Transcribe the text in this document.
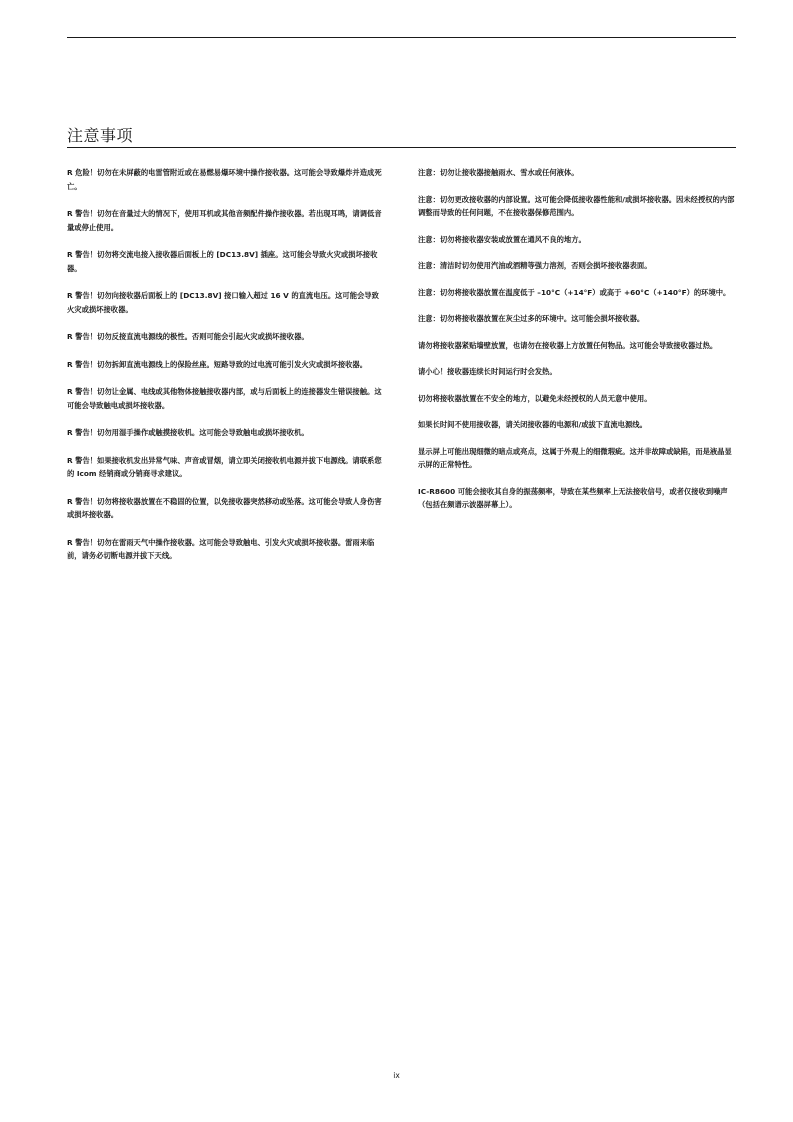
注意事项

R 危险！切勿在未屏蔽的电雷管附近或在易燃易爆环境中操作接收器。这可能会导致爆炸并造成死亡。

R 警告！切勿在音量过大的情况下，使用耳机或其他音频配件操作接收器。若出现耳鸣，请调低音量或停止使用。

R 警告！切勿将交流电接入接收器后面板上的 [DC13.8V] 插座。这可能会导致火灾或损坏接收器。

R 警告！切勿向接收器后面板上的 [DC13.8V] 接口输入超过 16 V 的直流电压。这可能会导致火灾或损坏接收器。

R 警告！切勿反接直流电源线的极性。否则可能会引起火灾或损坏接收器。

R 警告！切勿拆卸直流电源线上的保险丝座。短路导致的过电流可能引发火灾或损坏接收器。

R 警告！切勿让金属、电线或其他物体接触接收器内部，或与后面板上的连接器发生错误接触。这可能会导致触电或损坏接收器。

R 警告！切勿用湿手操作或触摸接收机。这可能会导致触电或损坏接收机。

R 警告！如果接收机发出异常气味、声音或冒烟，请立即关闭接收机电源并拔下电源线。请联系您的 Icom 经销商或分销商寻求建议。

R 警告！切勿将接收器放置在不稳固的位置，以免接收器突然移动或坠落。这可能会导致人身伤害或损坏接收器。

R 警告！切勿在雷雨天气中操作接收器。这可能会导致触电、引发火灾或损坏接收器。雷雨来临前，请务必切断电源并拔下天线。

注意：切勿让接收器接触雨水、雪水或任何液体。

注意：切勿更改接收器的内部设置。这可能会降低接收器性能和/或损坏接收器。因未经授权的内部调整而导致的任何问题，不在接收器保修范围内。

注意：切勿将接收器安装或放置在通风不良的地方。

注意：清洁时切勿使用汽油或酒精等强力溶剂，否则会损坏接收器表面。

注意：切勿将接收器放置在温度低于 –10°C（+14°F）或高于 +60°C（+140°F）的环境中。

注意：切勿将接收器放置在灰尘过多的环境中。这可能会损坏接收器。

请勿将接收器紧贴墙壁放置，也请勿在接收器上方放置任何物品。这可能会导致接收器过热。

请小心！接收器连续长时间运行时会发热。

切勿将接收器放置在不安全的地方，以避免未经授权的人员无意中使用。

如果长时间不使用接收器，请关闭接收器的电源和/或拔下直流电源线。

显示屏上可能出现细微的暗点或亮点，这属于外观上的细微瑕疵。这并非故障或缺陷，而是液晶显示屏的正常特性。

IC-R8600 可能会接收其自身的振荡频率，导致在某些频率上无法接收信号，或者仅接收到噪声（包括在频谱示波器屏幕上）。

ix
